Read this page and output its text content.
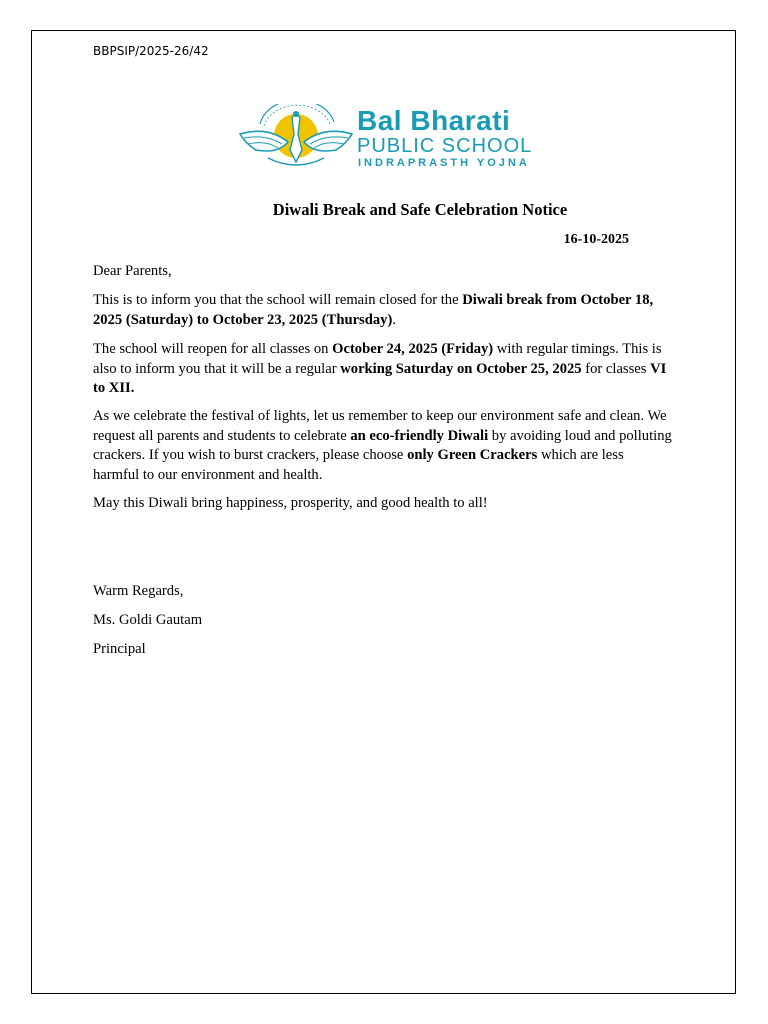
BBPSIP/2025-26/42
Bal Bharati
PUBLIC SCHOOL
INDRAPRASTH YOJNA
Diwali Break and Safe Celebration Notice
16-10-2025
Dear Parents,
This is to inform you that the school will remain closed for the Diwali break from October 18, 2025 (Saturday) to October 23, 2025 (Thursday).
The school will reopen for all classes on October 24, 2025 (Friday) with regular timings. This is also to inform you that it will be a regular working Saturday on October 25, 2025 for classes VI to XII.
As we celebrate the festival of lights, let us remember to keep our environment safe and clean. We request all parents and students to celebrate an eco-friendly Diwali by avoiding loud and polluting crackers. If you wish to burst crackers, please choose only Green Crackers which are less harmful to our environment and health.
May this Diwali bring happiness, prosperity, and good health to all!
Warm Regards,
Ms. Goldi Gautam
Principal
